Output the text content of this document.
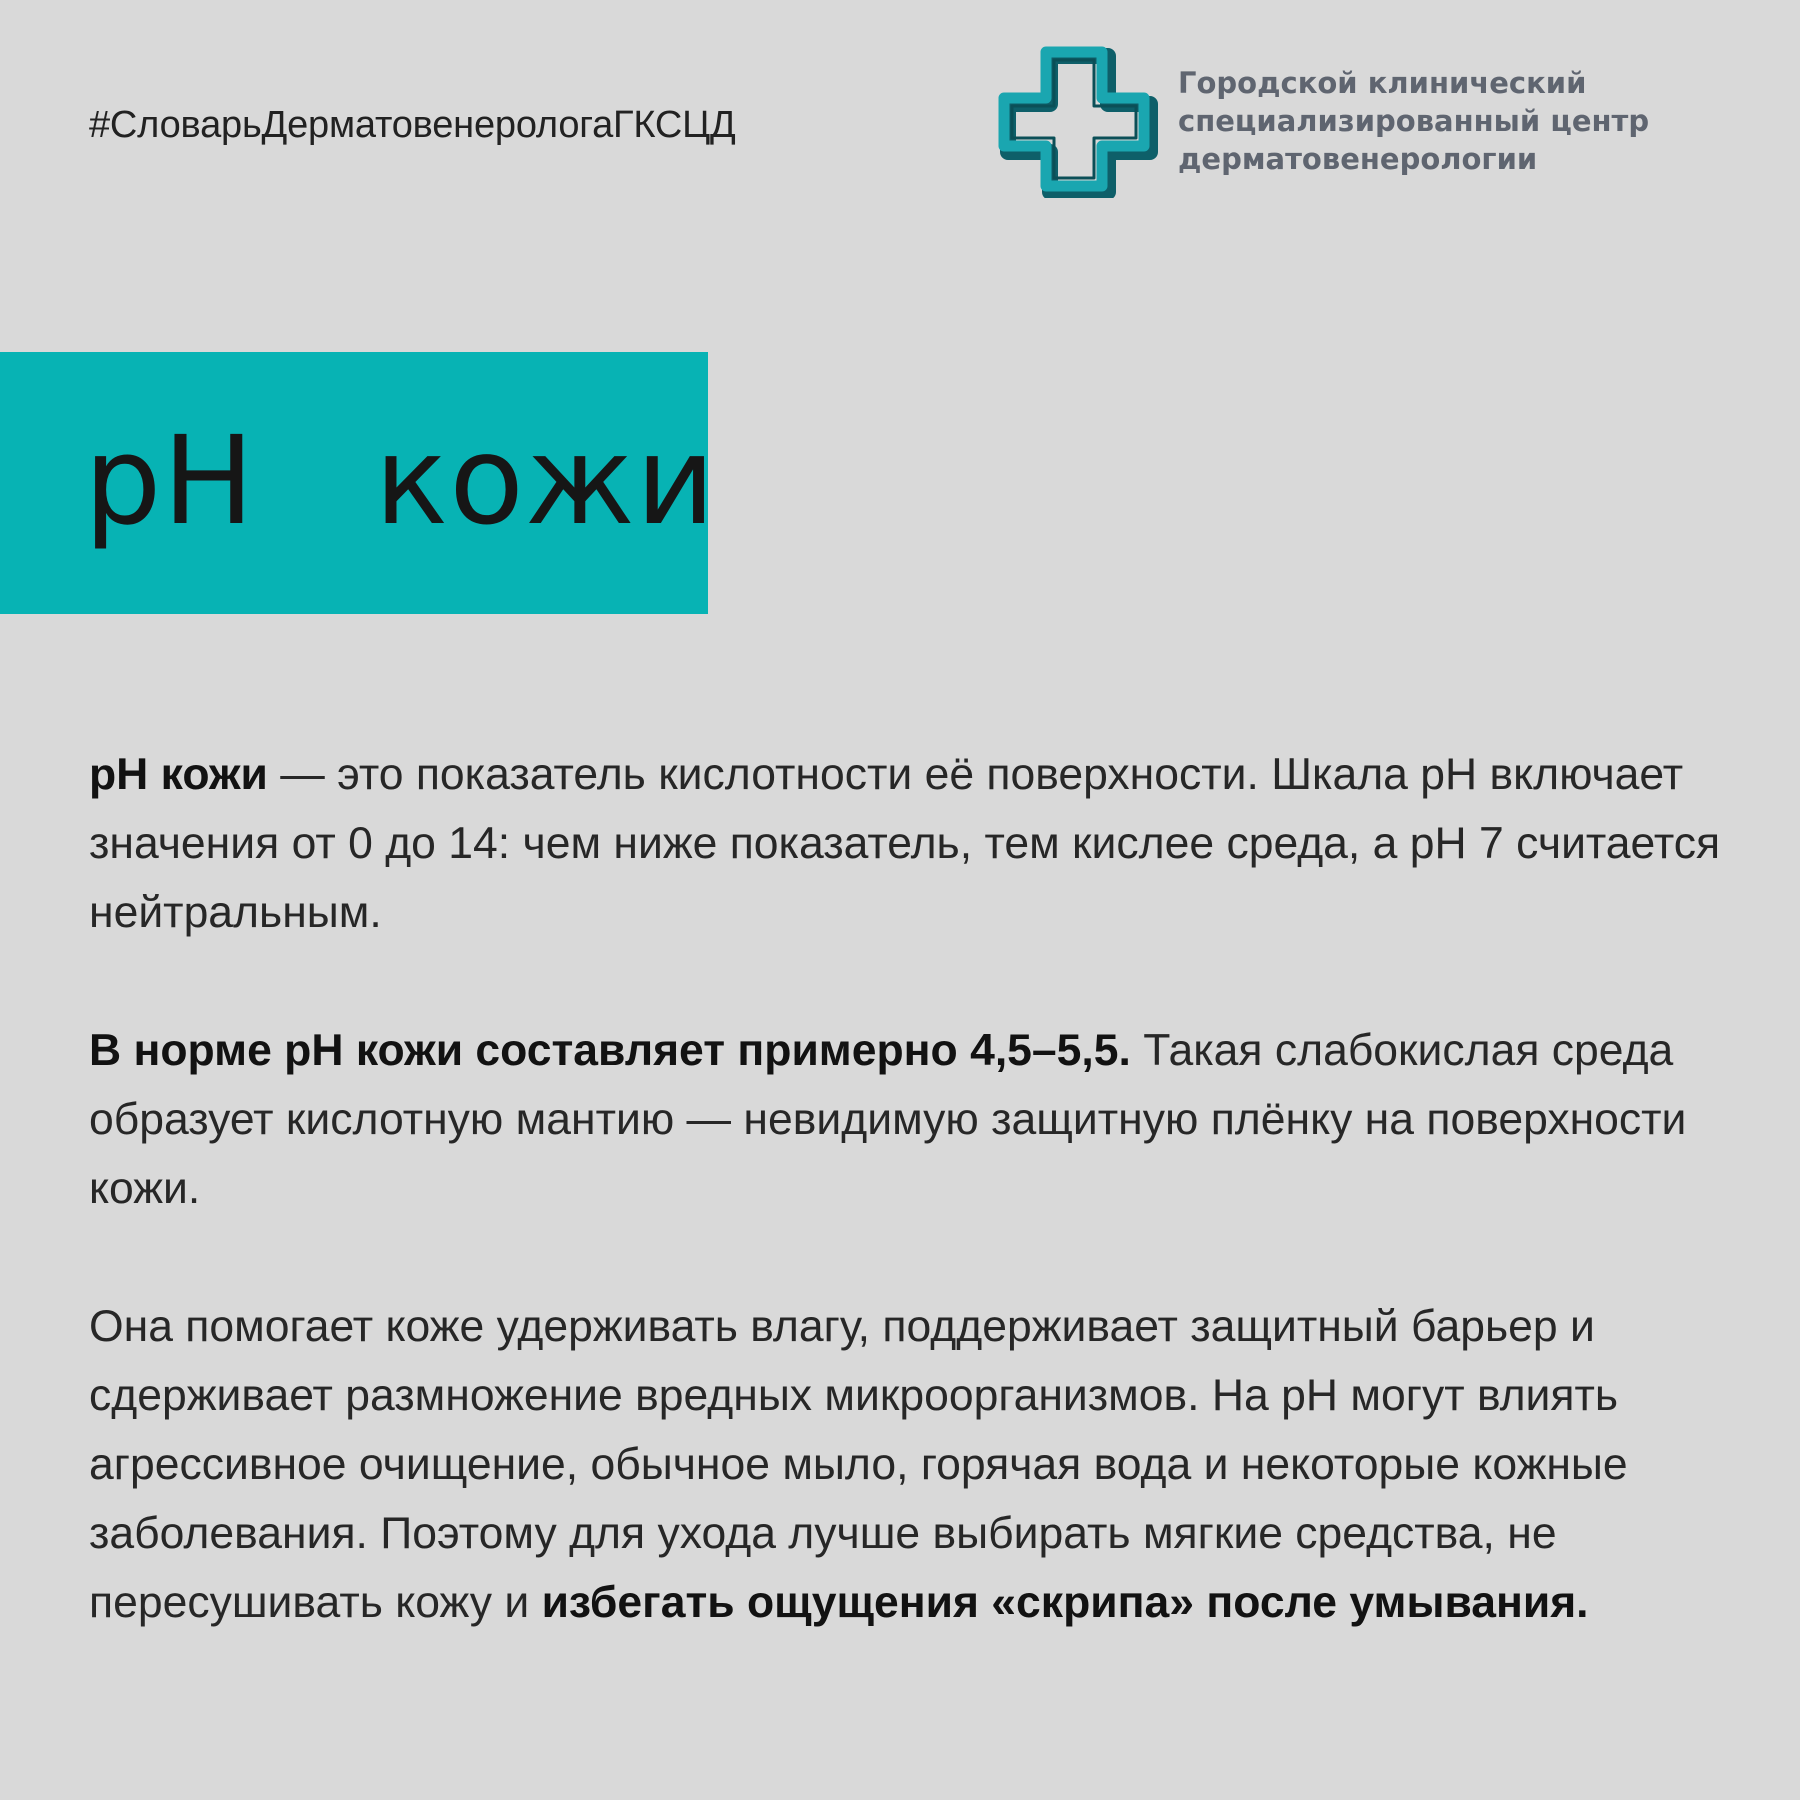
#СловарьДерматовенерологаГКСЦД
Городской клинический
специализированный центр
дерматовенерологии
pH   кожи

pH кожи — это показатель кислотности её поверхности. Шкала pH включает значения от 0 до 14: чем ниже показатель, тем кислее среда, а pH 7 считается нейтральным.

В норме pH кожи составляет примерно 4,5–5,5. Такая слабокислая среда образует кислотную мантию — невидимую защитную плёнку на поверхности кожи.

Она помогает коже удерживать влагу, поддерживает защитный барьер и сдерживает размножение вредных микроорганизмов. На pH могут влиять агрессивное очищение, обычное мыло, горячая вода и некоторые кожные заболевания. Поэтому для ухода лучше выбирать мягкие средства, не пересушивать кожу и избегать ощущения «скрипа» после умывания.
